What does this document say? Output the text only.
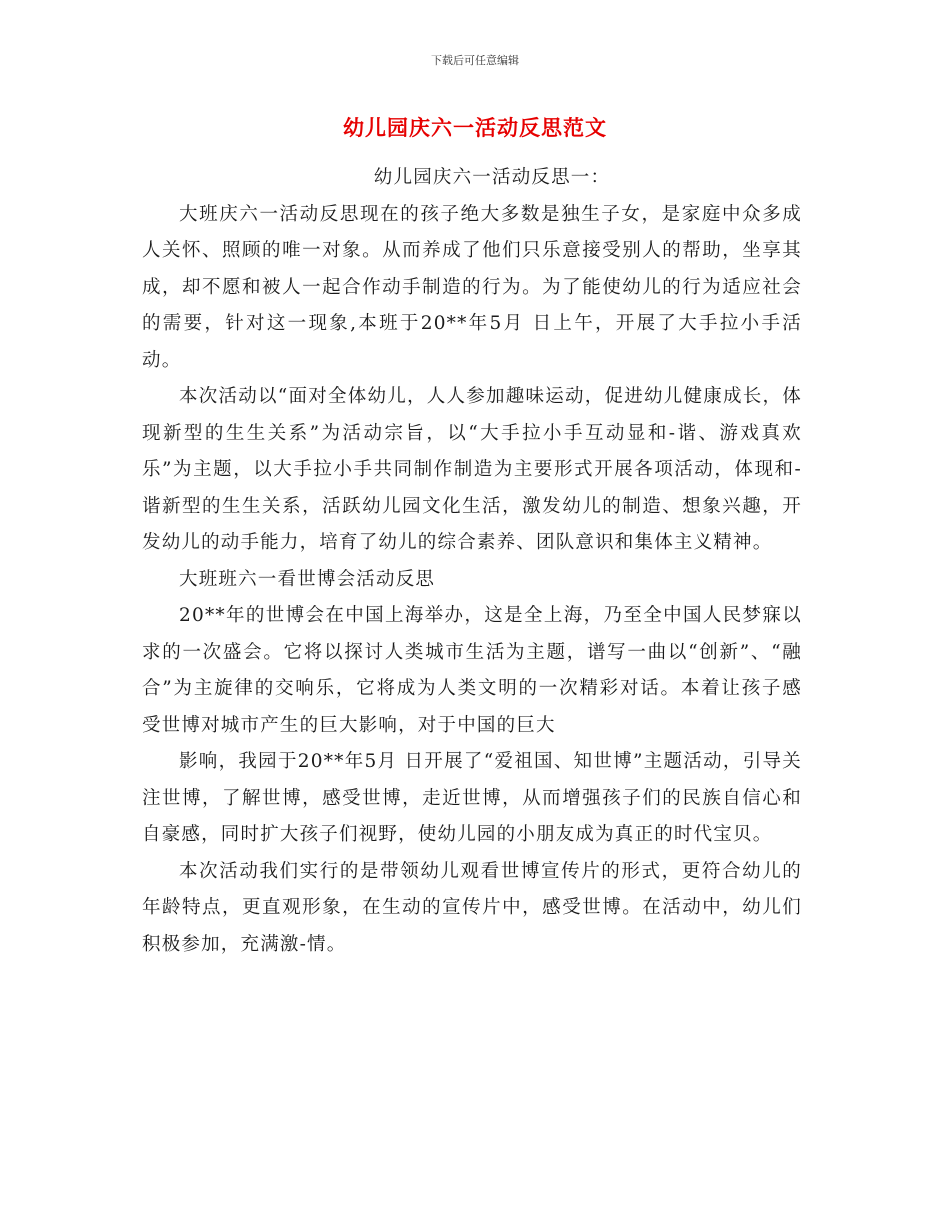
下载后可任意编辑
幼儿园庆六一活动反思范文

幼儿园庆六一活动反思一：

大班庆六一活动反思现在的孩子绝大多数是独生子女，是家庭中众多成人关怀、照顾的唯一对象。从而养成了他们只乐意接受别人的帮助，坐享其成，却不愿和被人一起合作动手制造的行为。为了能使幼儿的行为适应社会的需要，针对这一现象,本班于20**年5月 日上午，开展了大手拉小手活动。

本次活动以“面对全体幼儿，人人参加趣味运动，促进幼儿健康成长，体现新型的生生关系”为活动宗旨，以“大手拉小手互动显和-谐、游戏真欢乐”为主题，以大手拉小手共同制作制造为主要形式开展各项活动，体现和-谐新型的生生关系，活跃幼儿园文化生活，激发幼儿的制造、想象兴趣，开发幼儿的动手能力，培育了幼儿的综合素养、团队意识和集体主义精神。

大班班六一看世博会活动反思

20**年的世博会在中国上海举办，这是全上海，乃至全中国人民梦寐以求的一次盛会。它将以探讨人类城市生活为主题，谱写一曲以“创新”、“融合”为主旋律的交响乐，它将成为人类文明的一次精彩对话。本着让孩子感受世博对城市产生的巨大影响，对于中国的巨大

影响，我园于20**年5月 日开展了“爱祖国、知世博”主题活动，引导关注世博，了解世博，感受世博，走近世博，从而增强孩子们的民族自信心和自豪感，同时扩大孩子们视野，使幼儿园的小朋友成为真正的时代宝贝。

本次活动我们实行的是带领幼儿观看世博宣传片的形式，更符合幼儿的年龄特点，更直观形象，在生动的宣传片中，感受世博。在活动中，幼儿们积极参加，充满激-情。
